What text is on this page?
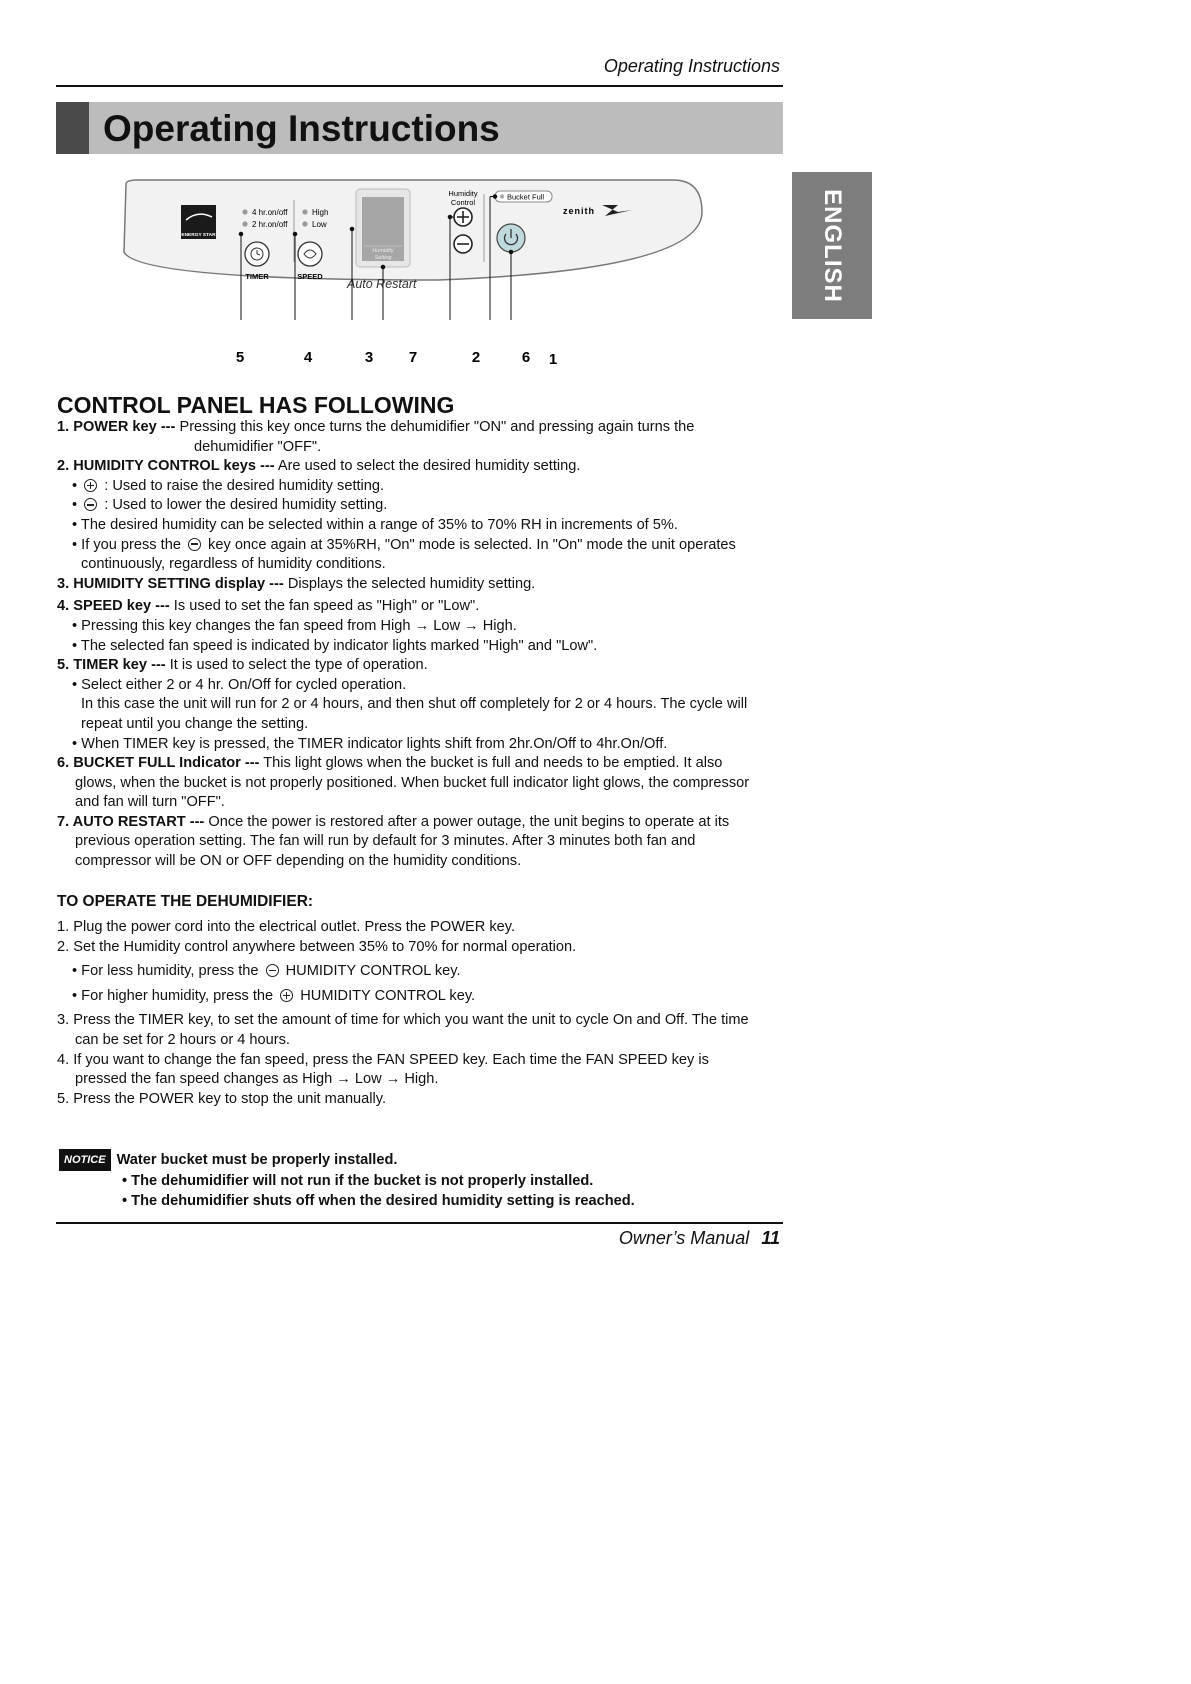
Operating Instructions
Operating Instructions
ENGLISH
ENERGY STAR
4 hr.on/off
2 hr.on/off
High
Low
TIMER	SPEED
Humidity
Setting
Auto Restart
Humidity
Control
Bucket Full
zenith
5	4	3 7	2	6 1
CONTROL PANEL HAS FOLLOWING

1. POWER key --- Pressing this key once turns the dehumidifier "ON" and pressing again turns the

dehumidifier "OFF".

2. HUMIDITY CONTROL keys --- Are used to select the desired humidity setting.

•  : Used to raise the desired humidity setting.

•  : Used to lower the desired humidity setting.

• The desired humidity can be selected within a range of 35% to 70% RH in increments of 5%.

• If you press the  key once again at 35%RH, "On" mode is selected. In "On" mode the unit operates

continuously, regardless of humidity conditions.

3. HUMIDITY SETTING display --- Displays the selected humidity setting.

4. SPEED key --- Is used to set the fan speed as "High" or "Low".

• Pressing this key changes the fan speed from High → Low → High.

• The selected fan speed is indicated by indicator lights marked "High" and "Low".

5. TIMER key --- It is used to select the type of operation.

• Select either 2 or 4 hr. On/Off for cycled operation.

In this case the unit will run for 2 or 4 hours, and then shut off completely for 2 or 4 hours. The cycle will

repeat until you change the setting.

• When TIMER key is pressed, the TIMER indicator lights shift from 2hr.On/Off to 4hr.On/Off.

6. BUCKET FULL Indicator --- This light glows when the bucket is full and needs to be emptied. It also

glows, when the bucket is not properly positioned. When bucket full indicator light glows, the compressor

and fan will turn "OFF".

7. AUTO RESTART --- Once the power is restored after a power outage, the unit begins to operate at its

previous operation setting. The fan will run by default for 3 minutes. After 3 minutes both fan and

compressor will be ON or OFF depending on the humidity conditions.

TO OPERATE THE DEHUMIDIFIER:

1. Plug the power cord into the electrical outlet. Press the POWER key.

2. Set the Humidity control anywhere between 35% to 70% for normal operation.

• For less humidity, press the  HUMIDITY CONTROL key.

• For higher humidity, press the  HUMIDITY CONTROL key.

3. Press the TIMER key, to set the amount of time for which you want the unit to cycle On and Off. The time

can be set for 2 hours or 4 hours.

4. If you want to change the fan speed, press the FAN SPEED key. Each time the FAN SPEED key is

pressed the fan speed changes as High → Low → High.

5. Press the POWER key to stop the unit manually.

NOTICE Water bucket must be properly installed.
• The dehumidifier will not run if the bucket is not properly installed.
• The dehumidifier shuts off when the desired humidity setting is reached.
Owner’s Manual 11
